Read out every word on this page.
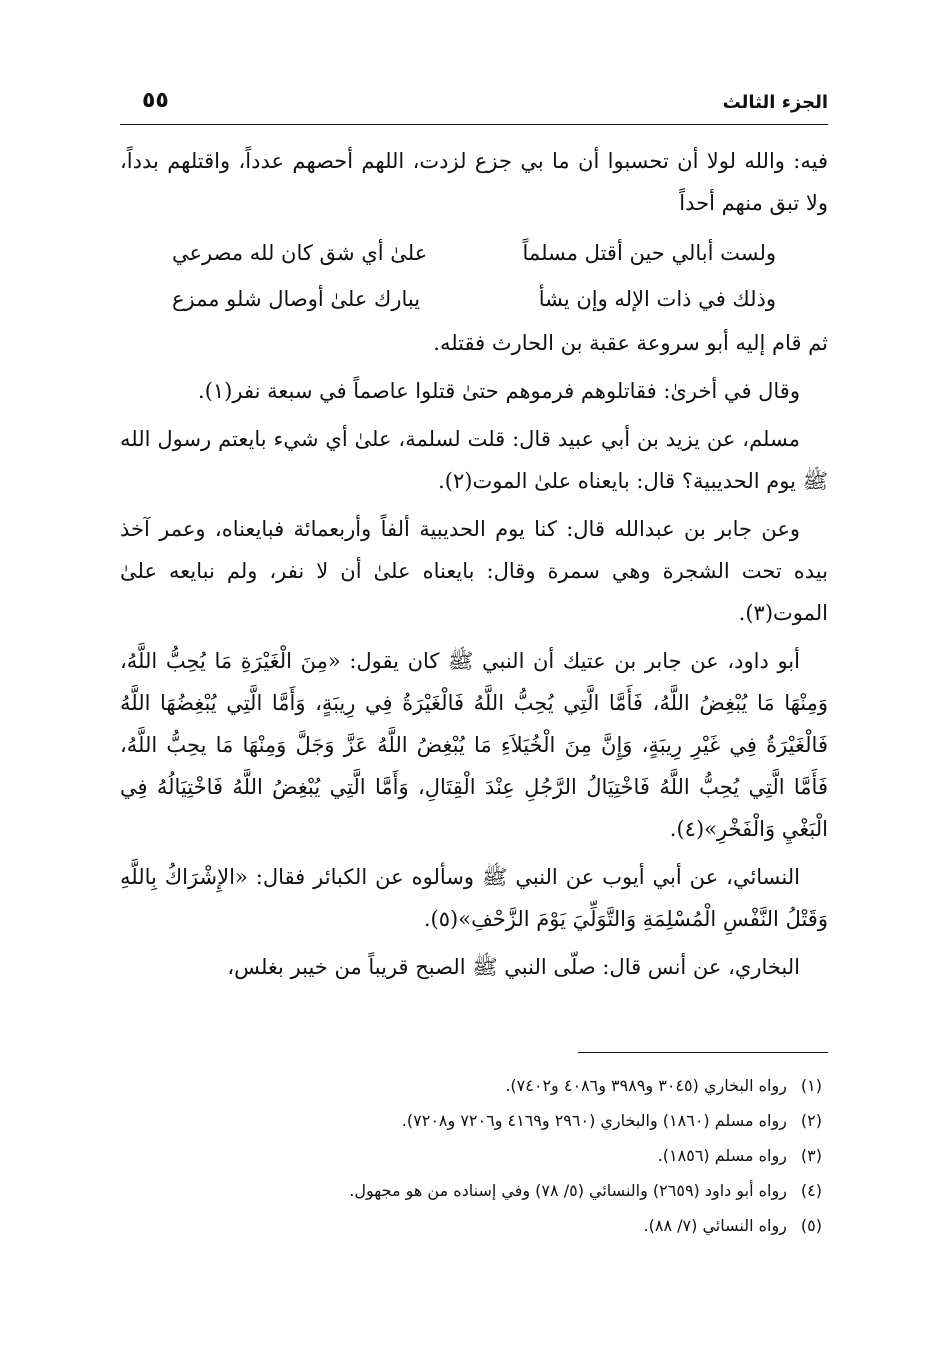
الجزء الثالث
٥٥

فيه: والله لولا أن تحسبوا أن ما بي جزع لزدت، اللهم أحصهم عدداً، واقتلهم بدداً، ولا تبق منهم أحداً

ولست أبالي حين أقتل مسلماً
علىٰ أي شق كان لله مصرعي
وذلك في ذات الإله وإن يشأ
يبارك علىٰ أوصال شلو ممزع

ثم قام إليه أبو سروعة عقبة بن الحارث فقتله.

وقال في أخرىٰ: فقاتلوهم فرموهم حتىٰ قتلوا عاصماً في سبعة نفر(١).

مسلم، عن يزيد بن أبي عبيد قال: قلت لسلمة، علىٰ أي شيء بايعتم رسول الله ﷺ يوم الحديبية؟ قال: بايعناه علىٰ الموت(٢).

وعن جابر بن عبدالله قال: كنا يوم الحديبية ألفاً وأربعمائة فبايعناه، وعمر آخذ بيده تحت الشجرة وهي سمرة وقال: بايعناه علىٰ أن لا نفر، ولم نبايعه علىٰ الموت(٣).

أبو داود، عن جابر بن عتيك أن النبي ﷺ كان يقول: «مِنَ الْغَيْرَةِ مَا يُحِبُّ اللَّهُ، وَمِنْهَا مَا يُبْغِضُ اللَّهُ، فَأَمَّا الَّتِي يُحِبُّ اللَّهُ فَالْغَيْرَةُ فِي رِيبَةٍ، وَأَمَّا الَّتِي يُبْغِضُهَا اللَّهُ فَالْغَيْرَةُ فِي غَيْرِ رِيبَةٍ، وَإِنَّ مِنَ الْخُيَلاَءِ مَا يُبْغِضُ اللَّهُ عَزَّ وَجَلَّ وَمِنْهَا مَا يحِبُّ اللَّهُ، فَأَمَّا الَّتِي يُحِبُّ اللَّهُ فَاخْتِيَالُ الرَّجُلِ عِنْدَ الْقِتَالِ، وَأَمَّا الَّتِي يُبْغِضُ اللَّهُ فَاخْتِيَالُهُ فِي الْبَغْيِ وَالْفَخْرِ»(٤).

النسائي، عن أبي أيوب عن النبي ﷺ وسألوه عن الكبائر فقال: «الإِشْرَاكُ بِاللَّهِ وَقَتْلُ النَّفْسِ الْمُسْلِمَةِ وَالتَّوَلِّيَ يَوْمَ الزَّحْفِ»(٥).

البخاري، عن أنس قال: صلّى النبي ﷺ الصبح قريباً من خيبر بغلس،

(١)رواه البخاري (٣٠٤٥ و٣٩٨٩ و٤٠٨٦ و٧٤٠٢).
(٢)رواه مسلم (١٨٦٠) والبخاري (٢٩٦٠ و٤١٦٩ و٧٢٠٦ و٧٢٠٨).
(٣)رواه مسلم (١٨٥٦).
(٤)رواه أبو داود (٢٦٥٩) والنسائي (٥/ ٧٨) وفي إسناده من هو مجهول.
(٥)رواه النسائي (٧/ ٨٨).
